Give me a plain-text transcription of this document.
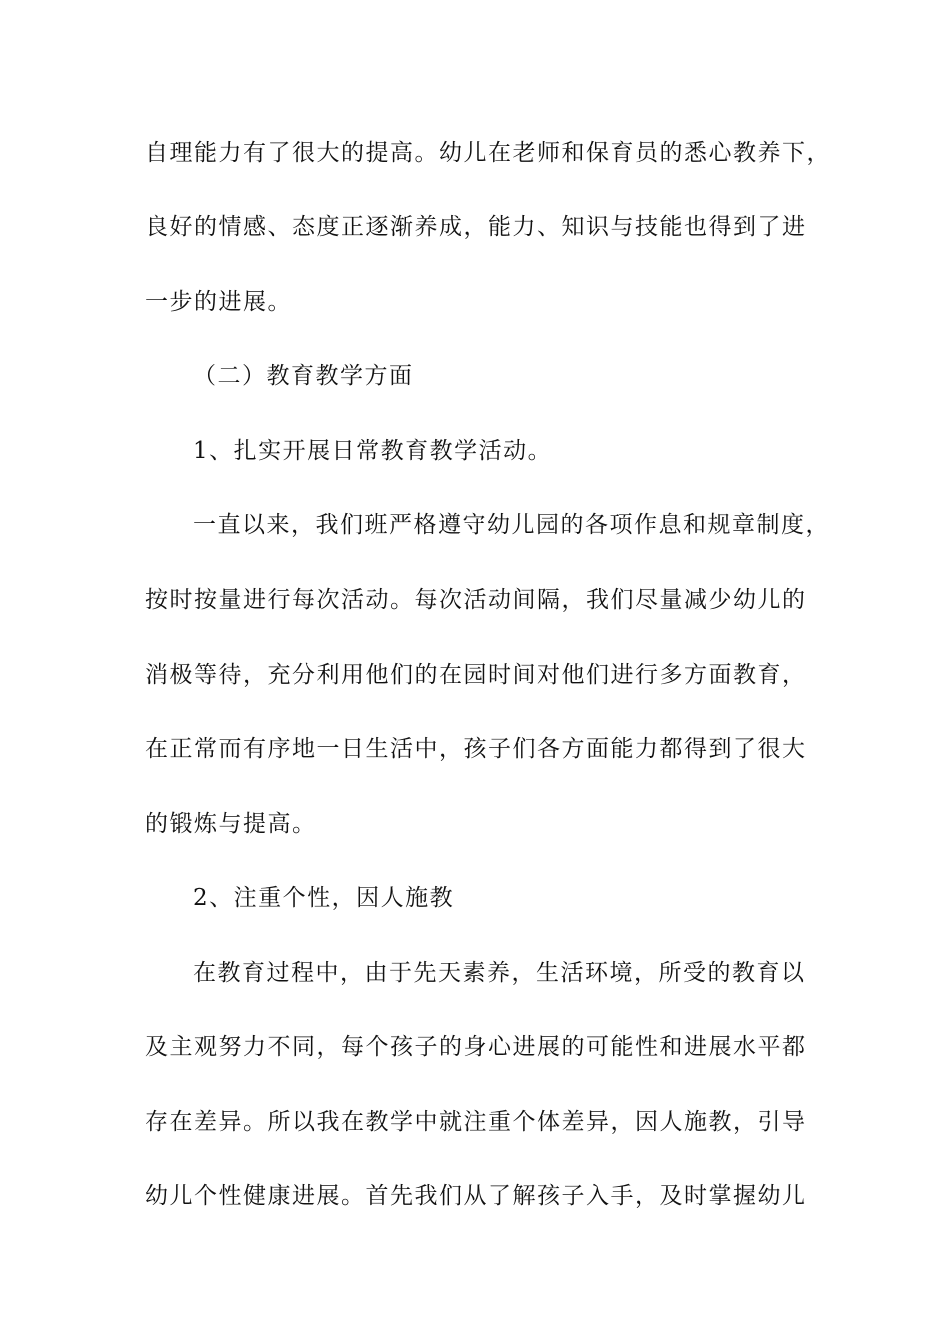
自理能力有了很大的提高。幼儿在老师和保育员的悉心教养下，
良好的情感、态度正逐渐养成，能力、知识与技能也得到了进
一步的进展。
（二）教育教学方面
1、扎实开展日常教育教学活动。
一直以来，我们班严格遵守幼儿园的各项作息和规章制度，
按时按量进行每次活动。每次活动间隔，我们尽量减少幼儿的
消极等待，充分利用他们的在园时间对他们进行多方面教育，
在正常而有序地一日生活中，孩子们各方面能力都得到了很大
的锻炼与提高。
2、注重个性，因人施教
在教育过程中，由于先天素养，生活环境，所受的教育以
及主观努力不同，每个孩子的身心进展的可能性和进展水平都
存在差异。所以我在教学中就注重个体差异，因人施教，引导
幼儿个性健康进展。首先我们从了解孩子入手，及时掌握幼儿
